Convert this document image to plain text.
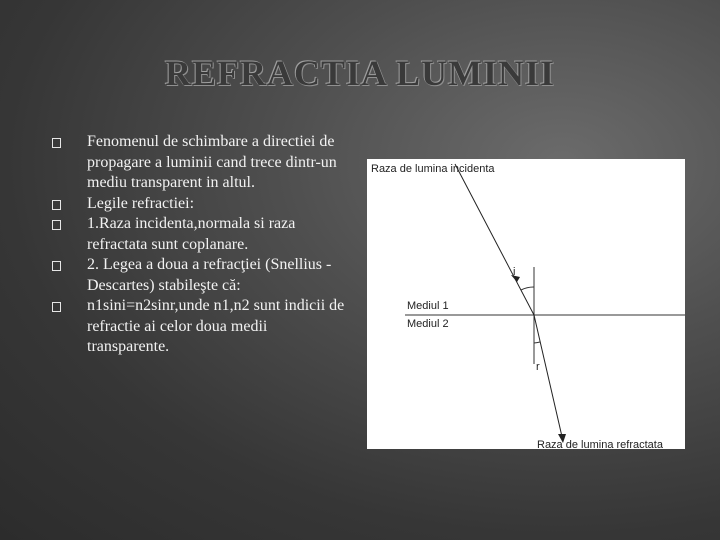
REFRACTIA LUMINII
Fenomenul de schimbare a directiei de propagare a luminii cand trece dintr-un mediu transparent in altul.
Legile refractiei:
1.Raza incidenta,normala si raza refractata sunt coplanare.
2. Legea a doua a refracţiei (Snellius - Descartes) stabileşte că:
n1sini=n2sinr,unde n1,n2 sunt indicii de refractie ai celor doua medii transparente.
Raza de lumina incidenta
Mediul 1
Mediul 2
i
r
Raza de lumina refractata
